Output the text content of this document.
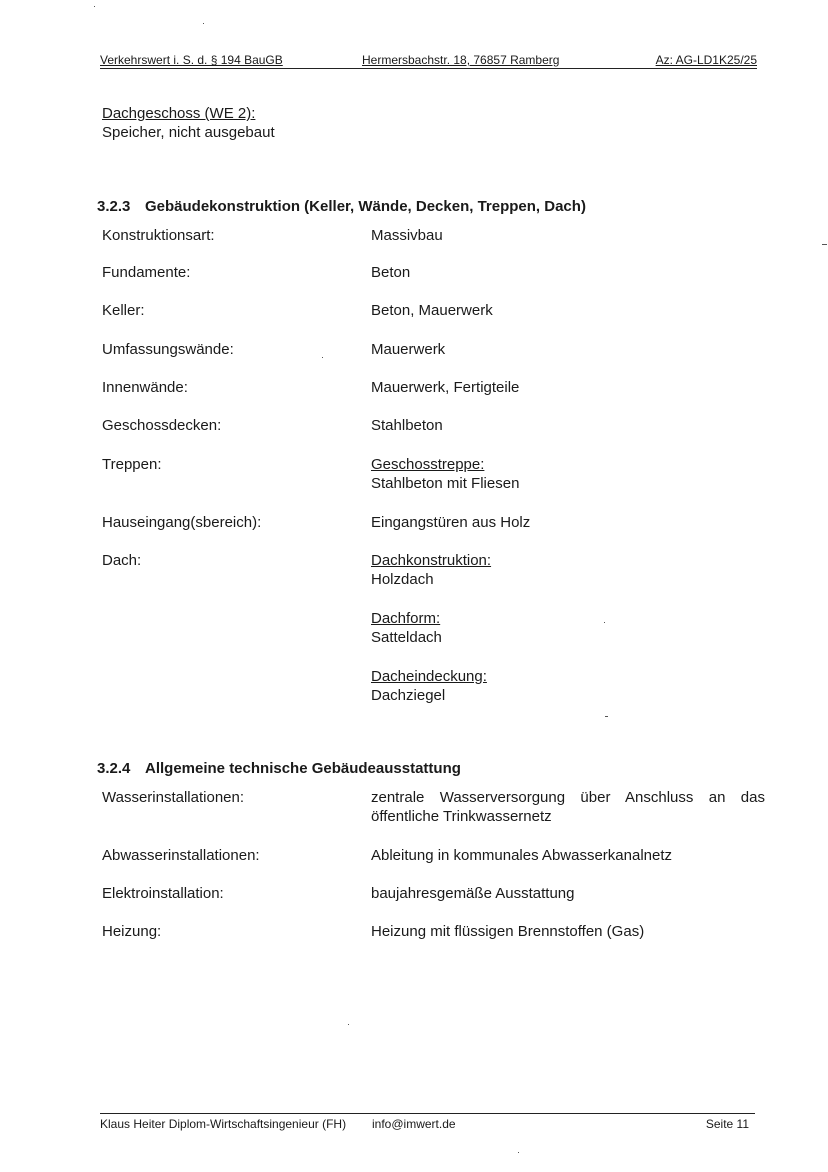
Verkehrswert i. S. d. § 194 BauGB	Hermersbachstr. 18, 76857 Ramberg	Az: AG-LD1K25/25
Dachgeschoss (WE 2):
Speicher, nicht ausgebaut
3.2.3 Gebäudekonstruktion (Keller, Wände, Decken, Treppen, Dach)
Konstruktionsart:	Massivbau
Fundamente:	Beton
Keller:	Beton, Mauerwerk
Umfassungswände:	Mauerwerk
Innenwände:	Mauerwerk, Fertigteile
Geschossdecken:	Stahlbeton
Treppen:	Geschosstreppe:
Stahlbeton mit Fliesen
Hauseingang(sbereich):	Eingangstüren aus Holz
Dach:	Dachkonstruktion:
Holzdach
Dachform:
Satteldach
Dacheindeckung:
Dachziegel
3.2.4 Allgemeine technische Gebäudeausstattung
Wasserinstallationen:	zentrale Wasserversorgung über Anschluss an das
öffentliche Trinkwassernetz
Abwasserinstallationen:	Ableitung in kommunales Abwasserkanalnetz
Elektroinstallation:	baujahresgemäße Ausstattung
Heizung:	Heizung mit flüssigen Brennstoffen (Gas)
Klaus Heiter Diplom-Wirtschaftsingenieur (FH) info@imwert.de	Seite 11
